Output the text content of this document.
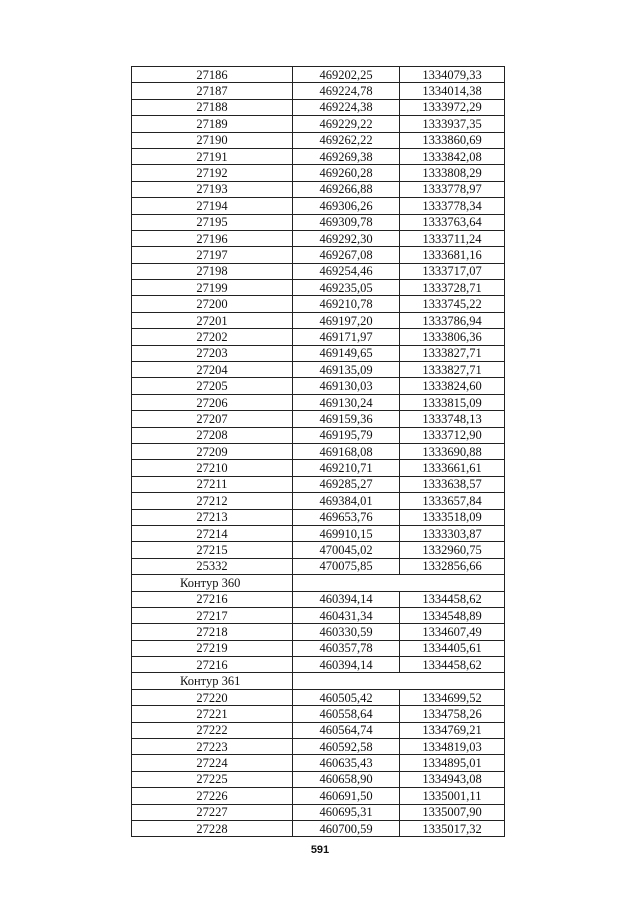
27186	469202,25	1334079,33
27187	469224,78	1334014,38
27188	469224,38	1333972,29
27189	469229,22	1333937,35
27190	469262,22	1333860,69
27191	469269,38	1333842,08
27192	469260,28	1333808,29
27193	469266,88	1333778,97
27194	469306,26	1333778,34
27195	469309,78	1333763,64
27196	469292,30	1333711,24
27197	469267,08	1333681,16
27198	469254,46	1333717,07
27199	469235,05	1333728,71
27200	469210,78	1333745,22
27201	469197,20	1333786,94
27202	469171,97	1333806,36
27203	469149,65	1333827,71
27204	469135,09	1333827,71
27205	469130,03	1333824,60
27206	469130,24	1333815,09
27207	469159,36	1333748,13
27208	469195,79	1333712,90
27209	469168,08	1333690,88
27210	469210,71	1333661,61
27211	469285,27	1333638,57
27212	469384,01	1333657,84
27213	469653,76	1333518,09
27214	469910,15	1333303,87
27215	470045,02	1332960,75
25332	470075,85	1332856,66
Контур 360		
27216	460394,14	1334458,62
27217	460431,34	1334548,89
27218	460330,59	1334607,49
27219	460357,78	1334405,61
27216	460394,14	1334458,62
Контур 361		
27220	460505,42	1334699,52
27221	460558,64	1334758,26
27222	460564,74	1334769,21
27223	460592,58	1334819,03
27224	460635,43	1334895,01
27225	460658,90	1334943,08
27226	460691,50	1335001,11
27227	460695,31	1335007,90
27228	460700,59	1335017,32
591
